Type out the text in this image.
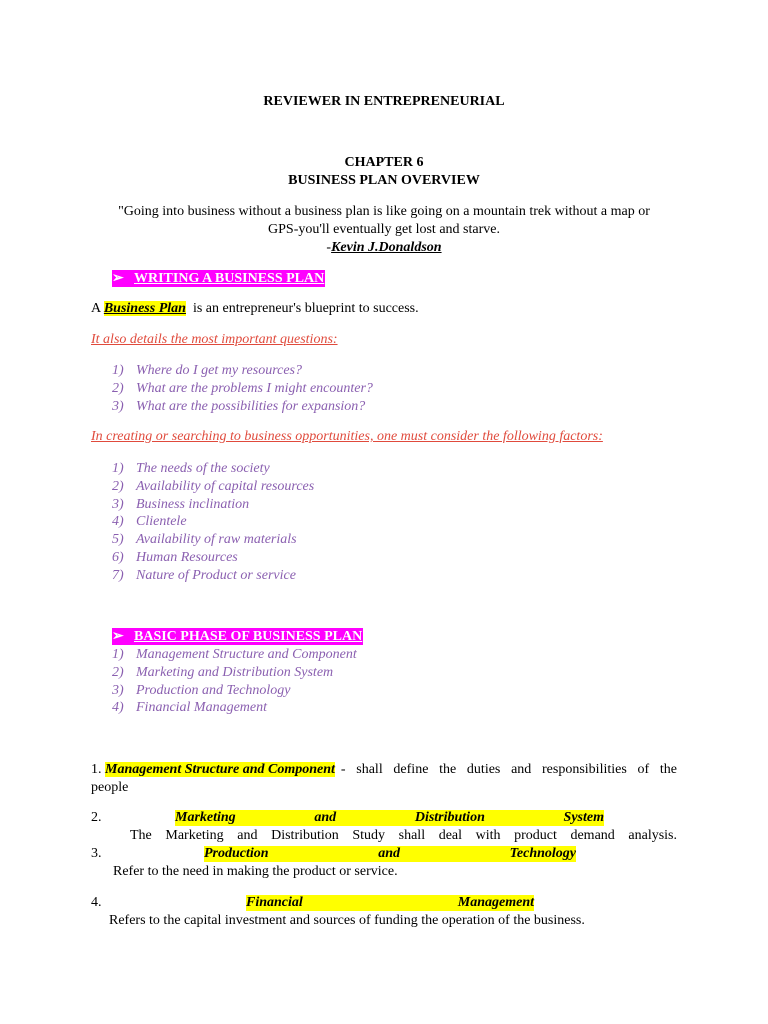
REVIEWER IN ENTREPRENEURIAL
CHAPTER 6
BUSINESS PLAN OVERVIEW
"Going into business without a business plan is like going on a mountain trek without a map or
GPS-you'll eventually get lost and starve.
-Kevin J.Donaldson
➢ WRITING A BUSINESS PLAN
A Business Plan  is an entrepreneur's blueprint to success.
It also details the most important questions:
1) Where do I get my resources?
2) What are the problems I might encounter?
3) What are the possibilities for expansion?
In creating or searching to business opportunities, one must consider the following factors:
1) The needs of the society
2) Availability of capital resources
3) Business inclination
4) Clientele
5) Availability of raw materials
6) Human Resources
7) Nature of Product or service
➢ BASIC PHASE OF BUSINESS PLAN
1) Management Structure and Component
2) Marketing and Distribution System
3) Production and Technology
4) Financial Management
1. Management Structure and Component - shall define the duties and responsibilities of the
people
2.	Marketing	and	Distribution	System
The Marketing and Distribution Study shall deal with product demand analysis.
3.	Production	and	Technology
Refer to the need in making the product or service.
4.	Financial	Management
Refers to the capital investment and sources of funding the operation of the business.
